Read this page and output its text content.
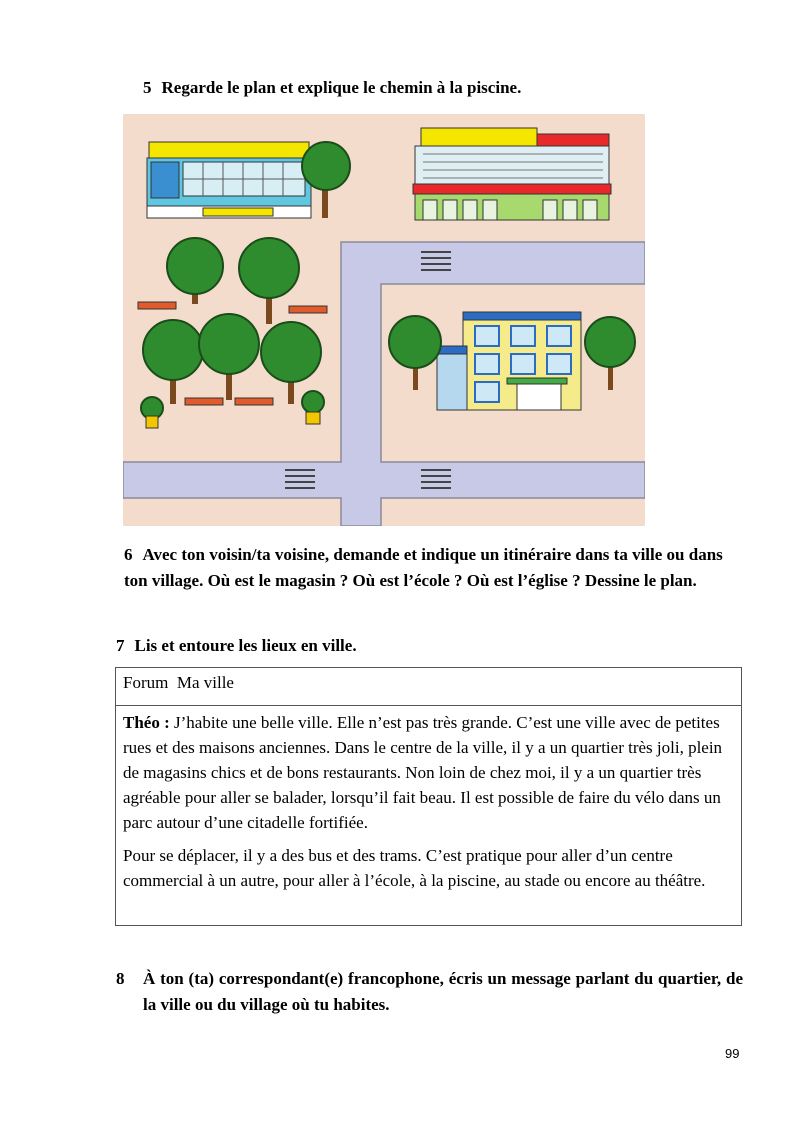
5 Regarde le plan et explique le chemin à la piscine.
6 Avec ton voisin/ta voisine, demande et indique un itinéraire dans ta ville ou dans ton village. Où est le magasin ? Où est l’école ? Où est l’église ? Dessine le plan.
7 Lis et entoure les lieux en ville.
Forum  Ma ville

Théo : J’habite une belle ville. Elle n’est pas très grande. C’est une ville avec de petites rues et des maisons anciennes. Dans le centre de la ville, il y a un quartier très joli, plein de magasins chics et de bons restaurants. Non loin de chez moi, il y a un quartier très agréable pour aller se balader, lorsqu’il fait beau. Il est possible de faire du vélo dans un parc autour d’une citadelle fortifiée.

Pour se déplacer, il y a des bus et des trams. C’est pratique pour aller d’un centre commercial à un autre, pour aller à l’école, à la piscine, au stade ou encore au théâtre.

8 À ton (ta) correspondant(e) francophone, écris un message parlant du quartier, de la ville ou du village où tu habites.
99
